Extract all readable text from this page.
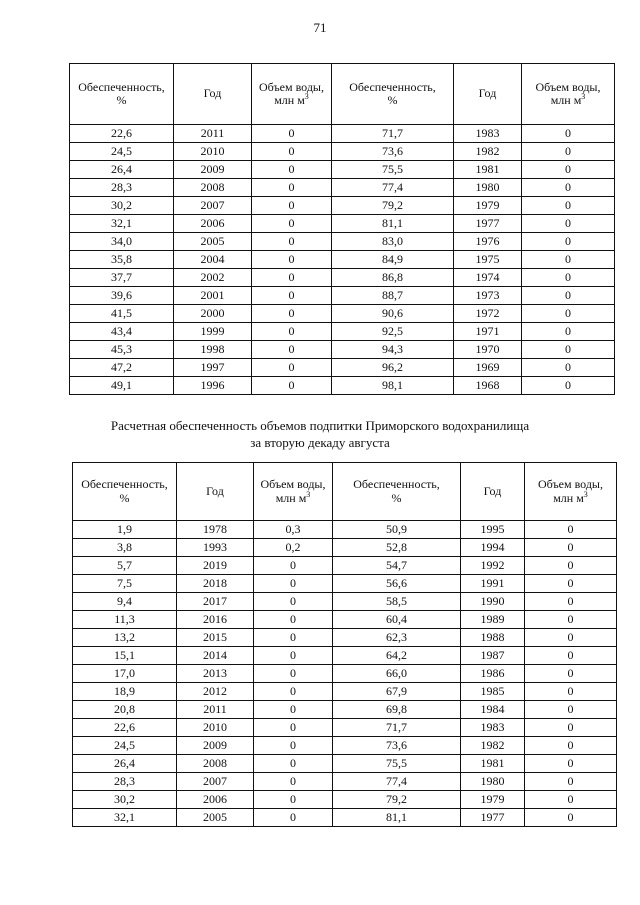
71
Обеспеченность,
%	Год	Объем воды,
млн $м^3$	Обеспеченность,
%	Год	Объем воды,
млн $м^3$
22,6	2011	0	71,7	1983	0
24,5	2010	0	73,6	1982	0
26,4	2009	0	75,5	1981	0
28,3	2008	0	77,4	1980	0
30,2	2007	0	79,2	1979	0
32,1	2006	0	81,1	1977	0
34,0	2005	0	83,0	1976	0
35,8	2004	0	84,9	1975	0
37,7	2002	0	86,8	1974	0
39,6	2001	0	88,7	1973	0
41,5	2000	0	90,6	1972	0
43,4	1999	0	92,5	1971	0
45,3	1998	0	94,3	1970	0
47,2	1997	0	96,2	1969	0
49,1	1996	0	98,1	1968	0
Расчетная обеспеченность объемов подпитки Приморского водохранилища
за вторую декаду августа
Обеспеченность,
%	Год	Объем воды,
млн $м^3$	Обеспеченность,
%	Год	Объем воды,
млн $м^3$
1,9	1978	0,3	50,9	1995	0
3,8	1993	0,2	52,8	1994	0
5,7	2019	0	54,7	1992	0
7,5	2018	0	56,6	1991	0
9,4	2017	0	58,5	1990	0
11,3	2016	0	60,4	1989	0
13,2	2015	0	62,3	1988	0
15,1	2014	0	64,2	1987	0
17,0	2013	0	66,0	1986	0
18,9	2012	0	67,9	1985	0
20,8	2011	0	69,8	1984	0
22,6	2010	0	71,7	1983	0
24,5	2009	0	73,6	1982	0
26,4	2008	0	75,5	1981	0
28,3	2007	0	77,4	1980	0
30,2	2006	0	79,2	1979	0
32,1	2005	0	81,1	1977	0
